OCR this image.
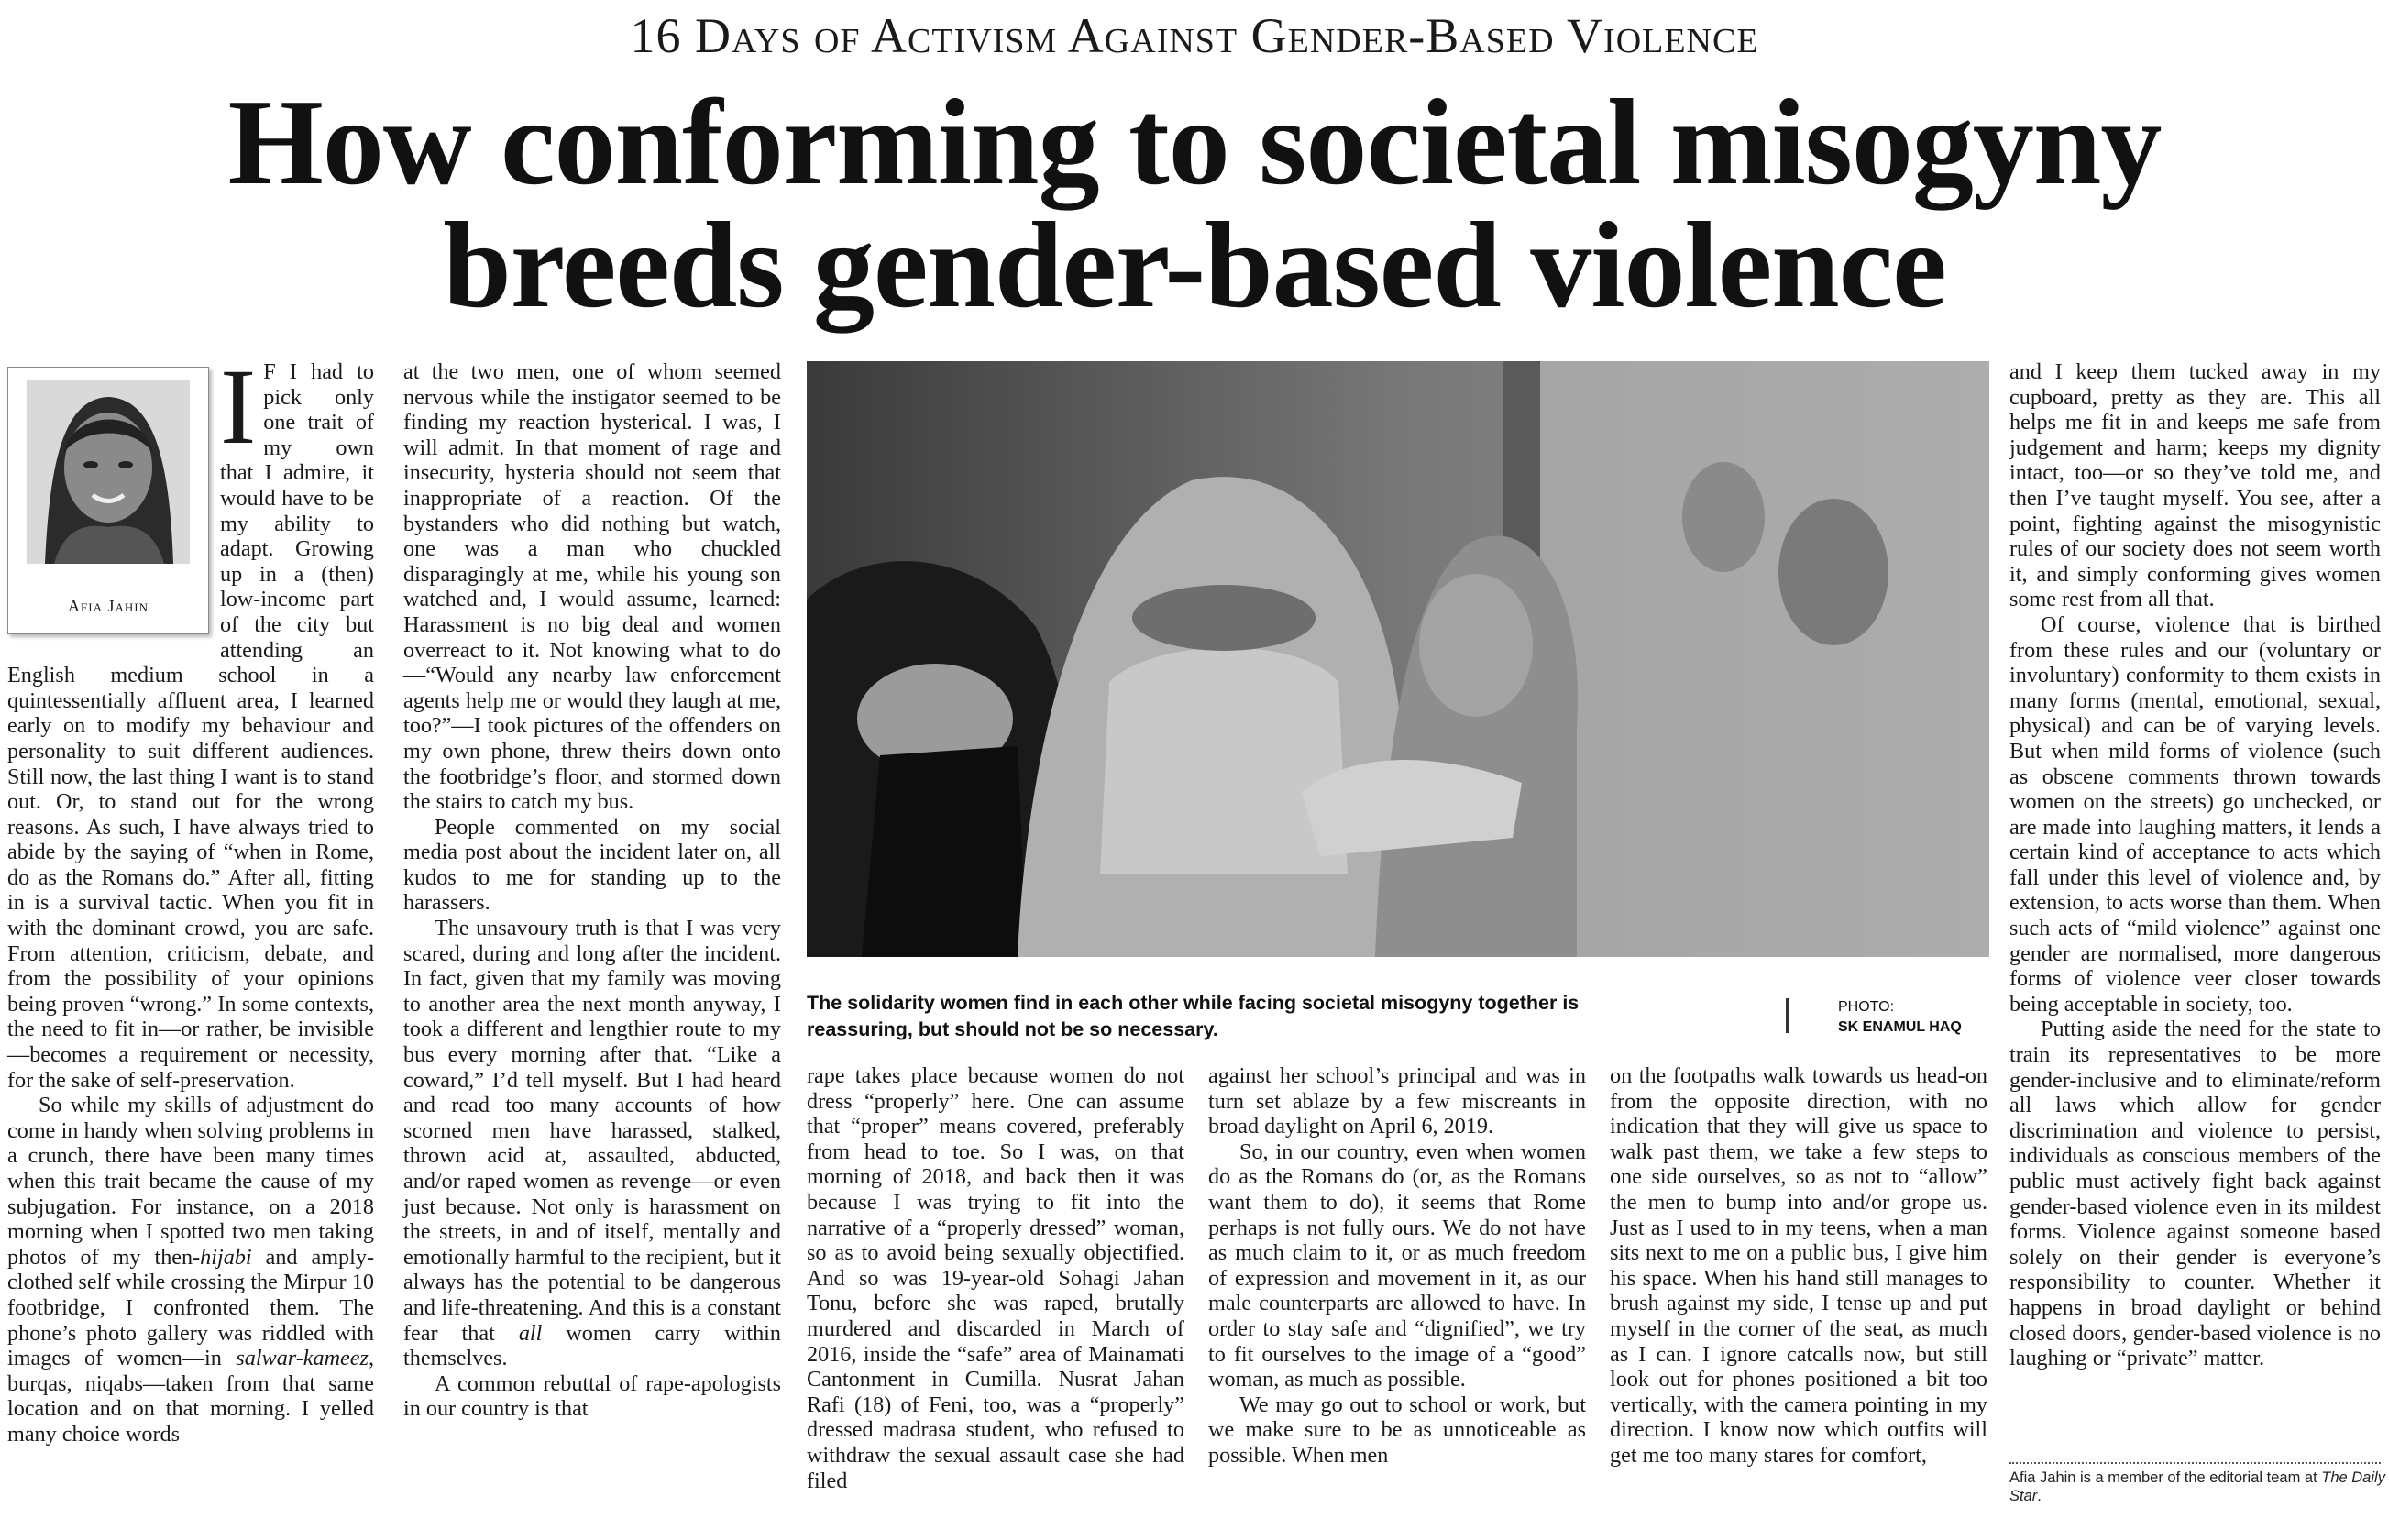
16 Days of Activism Against Gender-Based Violence
How conforming to societal misogyny
breeds gender-based violence
Afia Jahin

I F I had to pick only one trait of my own that I admire, it would have to be my ability to adapt. Growing up in a (then) low-income part of the city but attending an English medium school in a quintessentially affluent area, I learned early on to modify my behaviour and personality to suit different audiences. Still now, the last thing I want is to stand out. Or, to stand out for the wrong reasons. As such, I have always tried to abide by the saying of “when in Rome, do as the Romans do.” After all, fitting in is a survival tactic. When you fit in with the dominant crowd, you are safe. From attention, criticism, debate, and from the possibility of your opinions being proven “wrong.” In some contexts, the need to fit in—or rather, be invisible—becomes a requirement or necessity, for the sake of self-preservation.

So while my skills of adjustment do come in handy when solving problems in a crunch, there have been many times when this trait became the cause of my subjugation. For instance, on a 2018 morning when I spotted two men taking photos of my then-hijabi and amply-clothed self while crossing the Mirpur 10 footbridge, I confronted them. The phone’s photo gallery was riddled with images of women—in salwar-kameez, burqas, niqabs—taken from that same location and on that morning. I yelled many choice words

at the two men, one of whom seemed nervous while the instigator seemed to be finding my reaction hysterical. I was, I will admit. In that moment of rage and insecurity, hysteria should not seem that inappropriate of a reaction. Of the bystanders who did nothing but watch, one was a man who chuckled disparagingly at me, while his young son watched and, I would assume, learned: Harassment is no big deal and women overreact to it. Not knowing what to do—“Would any nearby law enforcement agents help me or would they laugh at me, too?”—I took pictures of the offenders on my own phone, threw theirs down onto the footbridge’s floor, and stormed down the stairs to catch my bus.

People commented on my social media post about the incident later on, all kudos to me for standing up to the harassers.

The unsavoury truth is that I was very scared, during and long after the incident. In fact, given that my family was moving to another area the next month anyway, I took a different and lengthier route to my bus every morning after that. “Like a coward,” I’d tell myself. But I had heard and read too many accounts of how scorned men have harassed, stalked, thrown acid at, assaulted, abducted, and/or raped women as revenge—or even just because. Not only is harassment on the streets, in and of itself, mentally and emotionally harmful to the recipient, but it always has the potential to be dangerous and life-threatening. And this is a constant fear that all women carry within themselves.

A common rebuttal of rape-apologists in our country is that

The solidarity women find in each other while facing societal misogyny together is reassuring, but should not be so necessary.
PHOTO:
SK ENAMUL HAQ

rape takes place because women do not dress “properly” here. One can assume that “proper” means covered, preferably from head to toe. So I was, on that morning of 2018, and back then it was because I was trying to fit into the narrative of a “properly dressed” woman, so as to avoid being sexually objectified. And so was 19-year-old Sohagi Jahan Tonu, before she was raped, brutally murdered and discarded in March of 2016, inside the “safe” area of Mainamati Cantonment in Cumilla. Nusrat Jahan Rafi (18) of Feni, too, was a “properly” dressed madrasa student, who refused to withdraw the sexual assault case she had filed

against her school’s principal and was in turn set ablaze by a few miscreants in broad daylight on April 6, 2019.

So, in our country, even when women do as the Romans do (or, as the Romans want them to do), it seems that Rome perhaps is not fully ours. We do not have as much claim to it, or as much freedom of expression and movement in it, as our male counterparts are allowed to have. In order to stay safe and “dignified”, we try to fit ourselves to the image of a “good” woman, as much as possible.

We may go out to school or work, but we make sure to be as unnoticeable as possible. When men

on the footpaths walk towards us head-on from the opposite direction, with no indication that they will give us space to walk past them, we take a few steps to one side ourselves, so as not to “allow” the men to bump into and/or grope us. Just as I used to in my teens, when a man sits next to me on a public bus, I give him his space. When his hand still manages to brush against my side, I tense up and put myself in the corner of the seat, as much as I can. I ignore catcalls now, but still look out for phones positioned a bit too vertically, with the camera pointing in my direction. I know now which outfits will get me too many stares for comfort,

and I keep them tucked away in my cupboard, pretty as they are. This all helps me fit in and keeps me safe from judgement and harm; keeps my dignity intact, too—or so they’ve told me, and then I’ve taught myself. You see, after a point, fighting against the misogynistic rules of our society does not seem worth it, and simply conforming gives women some rest from all that.

Of course, violence that is birthed from these rules and our (voluntary or involuntary) conformity to them exists in many forms (mental, emotional, sexual, physical) and can be of varying levels. But when mild forms of violence (such as obscene comments thrown towards women on the streets) go unchecked, or are made into laughing matters, it lends a certain kind of acceptance to acts which fall under this level of violence and, by extension, to acts worse than them. When such acts of “mild violence” against one gender are normalised, more dangerous forms of violence veer closer towards being acceptable in society, too.

Putting aside the need for the state to train its representatives to be more gender-inclusive and to eliminate/reform all laws which allow for gender discrimination and violence to persist, individuals as conscious members of the public must actively fight back against gender-based violence even in its mildest forms. Violence against someone based solely on their gender is everyone’s responsibility to counter. Whether it happens in broad daylight or behind closed doors, gender-based violence is no laughing or “private” matter.

Afia Jahin is a member of the editorial team at The Daily Star.
